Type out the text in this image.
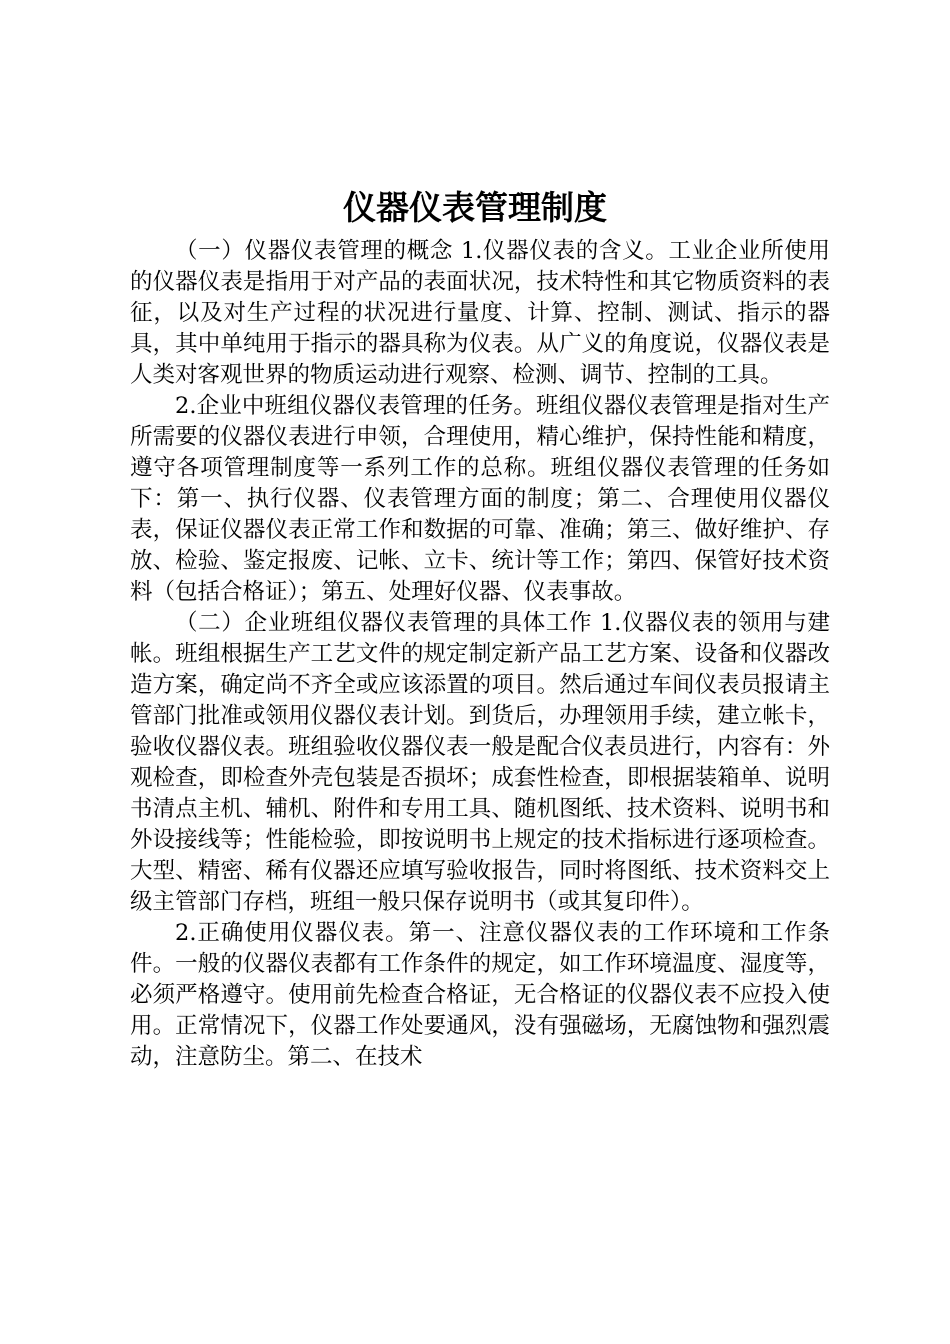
仪器仪表管理制度

（一）仪器仪表管理的概念 1.仪器仪表的含义。工业企业所使用的仪器仪表是指用于对产品的表面状况，技术特性和其它物质资料的表征，以及对生产过程的状况进行量度、计算、控制、测试、指示的器具，其中单纯用于指示的器具称为仪表。从广义的角度说，仪器仪表是人类对客观世界的物质运动进行观察、检测、调节、控制的工具。

2.企业中班组仪器仪表管理的任务。班组仪器仪表管理是指对生产所需要的仪器仪表进行申领，合理使用，精心维护，保持性能和精度，遵守各项管理制度等一系列工作的总称。班组仪器仪表管理的任务如下：第一、执行仪器、仪表管理方面的制度；第二、合理使用仪器仪表，保证仪器仪表正常工作和数据的可靠、准确；第三、做好维护、存放、检验、鉴定报废、记帐、立卡、统计等工作；第四、保管好技术资料（包括合格证）；第五、处理好仪器、仪表事故。

（二）企业班组仪器仪表管理的具体工作 1.仪器仪表的领用与建帐。班组根据生产工艺文件的规定制定新产品工艺方案、设备和仪器改造方案，确定尚不齐全或应该添置的项目。然后通过车间仪表员报请主管部门批准或领用仪器仪表计划。到货后，办理领用手续，建立帐卡，验收仪器仪表。班组验收仪器仪表一般是配合仪表员进行，内容有：外观检查，即检查外壳包装是否损坏；成套性检查，即根据装箱单、说明书清点主机、辅机、附件和专用工具、随机图纸、技术资料、说明书和外设接线等；性能检验，即按说明书上规定的技术指标进行逐项检查。大型、精密、稀有仪器还应填写验收报告，同时将图纸、技术资料交上级主管部门存档，班组一般只保存说明书（或其复印件）。

2.正确使用仪器仪表。第一、注意仪器仪表的工作环境和工作条件。一般的仪器仪表都有工作条件的规定，如工作环境温度、湿度等，必须严格遵守。使用前先检查合格证，无合格证的仪器仪表不应投入使用。正常情况下，仪器工作处要通风，没有强磁场，无腐蚀物和强烈震动，注意防尘。第二、在技术
